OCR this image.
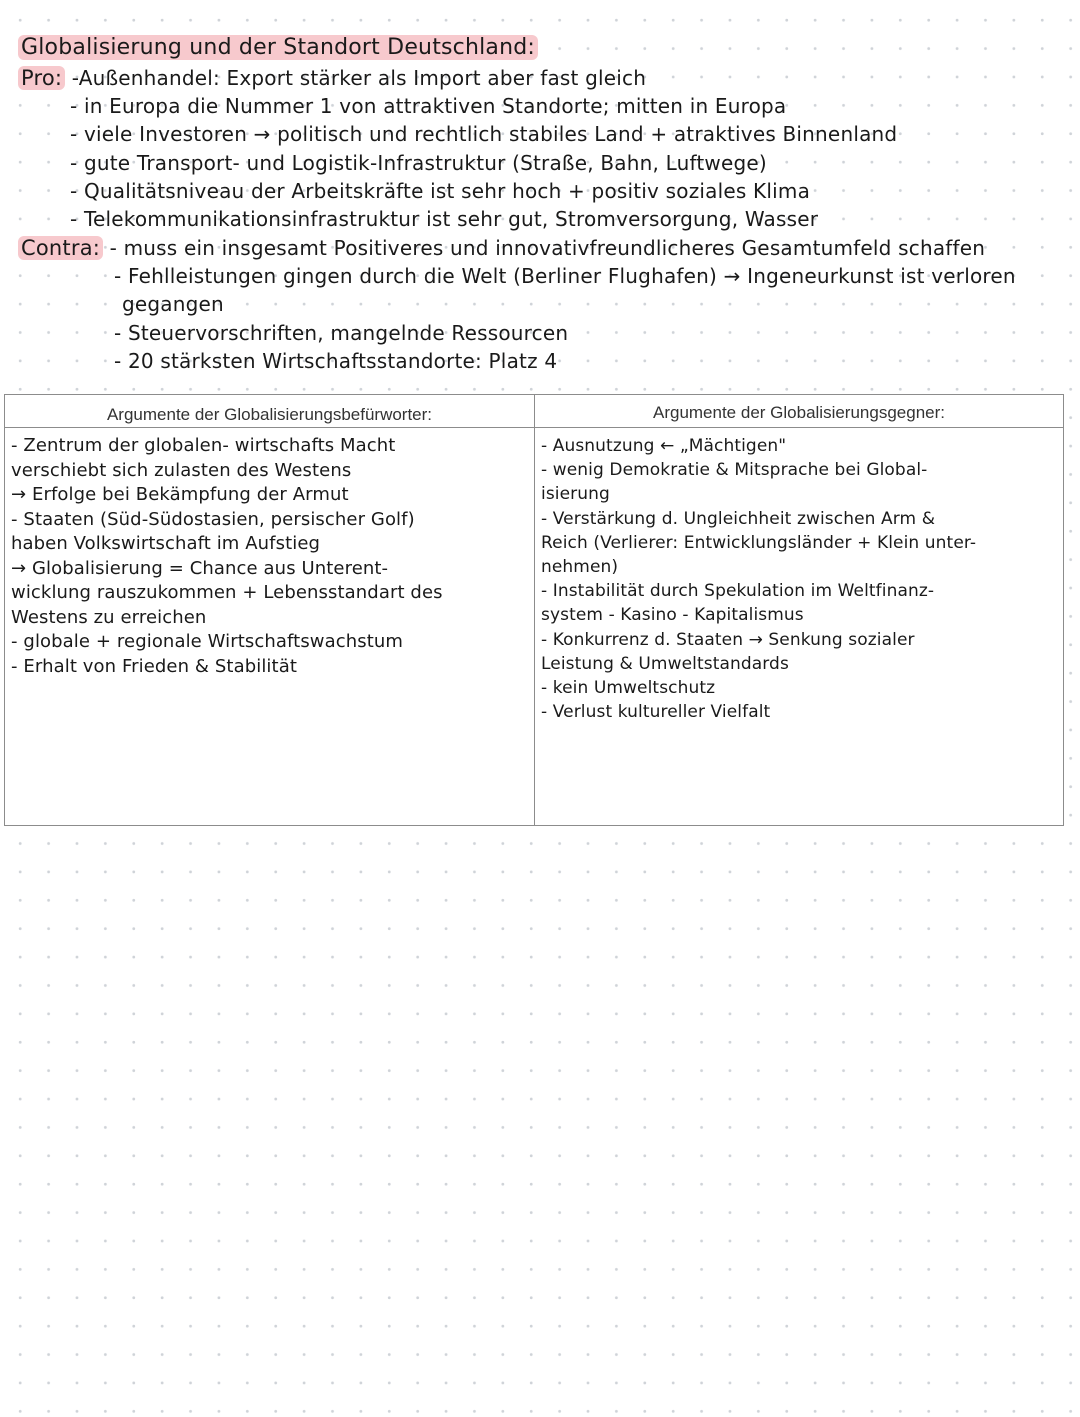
Globalisierung und der Standort Deutschland:
Pro: -Außenhandel: Export stärker als Import aber fast gleich
- in Europa die Nummer 1 von attraktiven Standorte; mitten in Europa
- viele Investoren → politisch und rechtlich stabiles Land + atraktives Binnenland
- gute Transport- und Logistik-Infrastruktur (Straße, Bahn, Luftwege)
- Qualitätsniveau der Arbeitskräfte ist sehr hoch + positiv soziales Klima
- Telekommunikationsinfrastruktur ist sehr gut, Stromversorgung, Wasser
Contra: - muss ein insgesamt Positiveres und innovativfreundlicheres Gesamtumfeld schaffen
- Fehlleistungen gingen durch die Welt (Berliner Flughafen) → Ingeneurkunst ist verloren
gegangen
- Steuervorschriften, mangelnde Ressourcen
- 20 stärksten Wirtschaftsstandorte: Platz 4
Argumente der Globalisierungsbefürworter:
- Zentrum der globalen- wirtschafts Macht
verschiebt sich zulasten des Westens
→ Erfolge bei Bekämpfung der Armut
- Staaten (Süd-Südostasien, persischer Golf)
haben Volkswirtschaft im Aufstieg
→ Globalisierung = Chance aus Unterent-
wicklung rauszukommen + Lebensstandart des
Westens zu erreichen
- globale + regionale Wirtschaftswachstum
- Erhalt von Frieden & Stabilität
Argumente der Globalisierungsgegner:
- Ausnutzung ← „Mächtigen"
- wenig Demokratie & Mitsprache bei Global-
isierung
- Verstärkung d. Ungleichheit zwischen Arm &
Reich (Verlierer: Entwicklungsländer + Klein unter-
nehmen)
- Instabilität durch Spekulation im Weltfinanz-
system - Kasino - Kapitalismus
- Konkurrenz d. Staaten → Senkung sozialer
Leistung & Umweltstandards
- kein Umweltschutz
- Verlust kultureller Vielfalt
